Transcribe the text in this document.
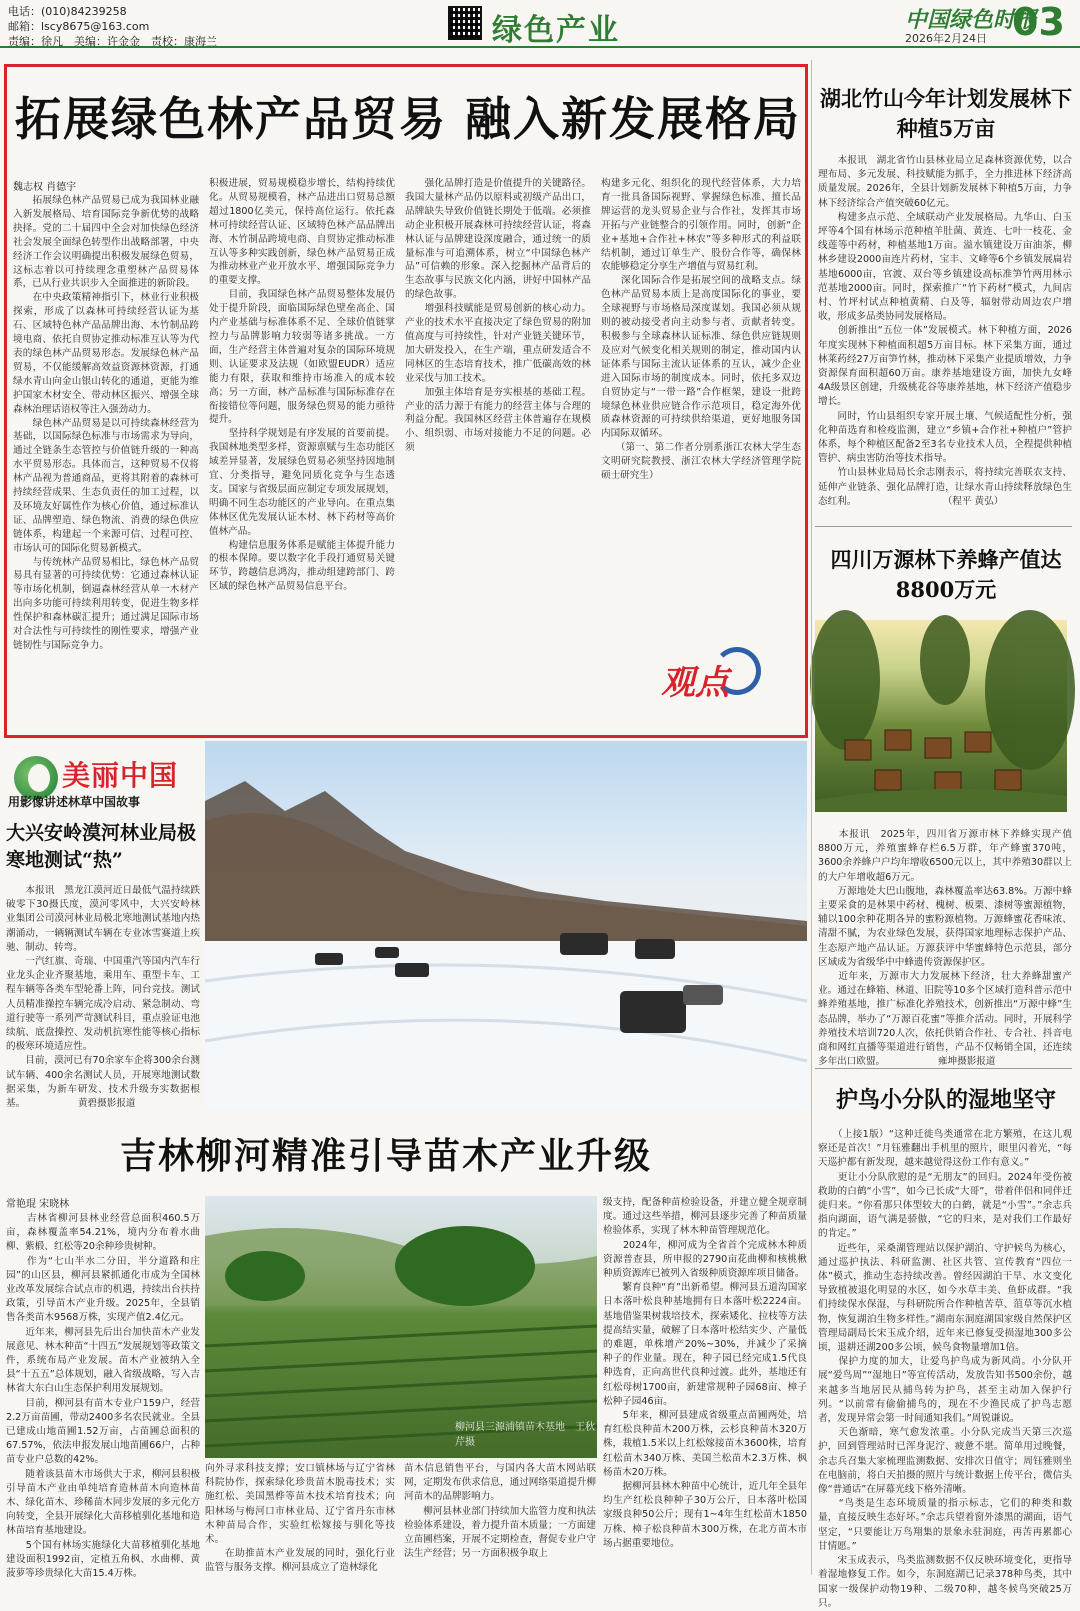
电话：(010)84239258
邮箱：lscy8675@163.com
责编：徐凡　美编：许金金　责校：康海兰	绿色产业	中国绿色时报
2026年2月24日 03
拓展绿色林产品贸易 融入新发展格局
魏志权 肖德宇
　　拓展绿色林产品贸易已成为我国林业融入新发展格局、培育国际竞争新优势的战略抉择。党的二十届四中全会对加快绿色经济社会发展全面绿色转型作出战略部署，中央经济工作会议明确提出积极发展绿色贸易，这标志着以可持续理念重塑林产品贸易体系，已从行业共识步入全面推进的新阶段。
　　在中央政策精神指引下，林业行业积极探索，形成了以森林可持续经营认证为基石、区域特色林产品品牌出海、木竹制品跨境电商、依托自贸协定推动标准互认等为代表的绿色林产品贸易形态。发展绿色林产品贸易，不仅能缓解高效益资源林资源，打通绿水青山向金山银山转化的通道，更能为维护国家木材安全、带动林区振兴、增强全球森林治理话语权等注入强劲动力。
　　绿色林产品贸易是以可持续森林经营为基础，以国际绿色标准与市场需求为导向，通过全链条生态管控与价值链升级的一种高水平贸易形态。具体而言，这种贸易不仅将林产品视为普通商品，更将其附着的森林可持续经营成果、生态负责任的加工过程，以及环境友好属性作为核心价值，通过标准认证、品牌塑造、绿色物流、消费的绿色供应链体系，构建起一个来源可信、过程可控、市场认可的国际化贸易新模式。
　　与传统林产品贸易相比，绿色林产品贸易具有显著的可持续优势：它通过森林认证等市场化机制，倒逼森林经营从单一木材产出向多功能可持续利用转变，促进生物多样性保护和森林碳汇提升；通过满足国际市场对合法性与可持续性的刚性要求，增强产业链韧性与国际竞争力。
积极进展，贸易规模稳步增长，结构持续优化。从贸易规模看，林产品进出口贸易总额超过1800亿美元，保持高位运行。依托森林可持续经营认证、区域特色林产品品牌出海、木竹制品跨境电商、自贸协定推动标准互认等多种实践创新，绿色林产品贸易正成为推动林业产业开放水平、增强国际竞争力的重要支撑。
　　目前，我国绿色林产品贸易整体发展仍处于提升阶段，面临国际绿色壁垒高企、国内产业基础与标准体系不足、全球价值链掌控力与品牌影响力较弱等诸多挑战。一方面，生产经营主体普遍对复杂的国际环境规则、认证要求及法规（如欧盟EUDR）适应能力有限，获取和维持市场准入的成本较高；另一方面，林产品标准与国际标准存在衔接错位等问题，服务绿色贸易的能力亟待提升。
　　坚持科学规划是有序发展的首要前提。我国林地类型多样，资源禀赋与生态功能区域差异显著，发展绿色贸易必须坚持因地制宜、分类指导，避免同质化竞争与生态透支。国家与省级层面应制定专项发展规划，明确不同生态功能区的产业导向。在重点集体林区优先发展认证木材、林下药材等高价值林产品。
　　构建信息服务体系是赋能主体提升能力的根本保障。要以数字化手段打通贸易关键环节，跨越信息鸿沟，推动组建跨部门、跨区域的绿色林产品贸易信息平台。
　　强化品牌打造是价值提升的关键路径。我国大量林产品仍以原料或初级产品出口，品牌缺失导致价值链长期处于低端。必须推动企业积极开展森林可持续经营认证，将森林认证与品牌建设深度融合，通过统一的质量标准与可追溯体系，树立“中国绿色林产品”可信赖的形象。深入挖掘林产品背后的生态故事与民族文化内涵，讲好中国林产品的绿色故事。
　　增强科技赋能是贸易创新的核心动力。产业的技术水平直接决定了绿色贸易的附加值高度与可持续性，针对产业链关键环节，加大研发投入，在生产端，重点研发适合不同林区的生态培育技术，推广低碳高效的林业采伐与加工技术。
　　加强主体培育是夯实根基的基础工程。产业的活力源于有能力的经营主体与合理的利益分配。我国林区经营主体普遍存在规模小、组织弱、市场对接能力不足的问题。必须
构建多元化、组织化的现代经营体系，大力培育一批具备国际视野、掌握绿色标准、擅长品牌运营的龙头贸易企业与合作社，发挥其市场开拓与产业链整合的引领作用。同时，创新“企业+基地+合作社+林农”等多种形式的利益联结机制，通过订单生产、股份合作等，确保林农能够稳定分享生产增值与贸易红利。
　　深化国际合作是拓展空间的战略支点。绿色林产品贸易本质上是高度国际化的事业，要全球视野与市场格局深度谋划。我国必须从规则的被动接受者向主动参与者、贡献者转变。积极参与全球森林认证标准、绿色供应链规则及应对气候变化相关规则的制定，推动国内认证体系与国际主流认证体系的互认，减少企业进入国际市场的制度成本。同时，依托多双边自贸协定与“一带一路”合作框架，建设一批跨境绿色林业供应链合作示范项目，稳定海外优质森林资源的可持续供给渠道，更好地服务国内国际双循环。
　　（第一、第二作者分别系浙江农林大学生态文明研究院教授、浙江农林大学经济管理学院硕士研究生）
观点
湖北竹山今年计划发展林下种植5万亩
　　本报讯　湖北省竹山县林业局立足森林资源优势，以合理布局、多元发展、科技赋能为抓手，全力推进林下经济高质量发展。2026年，全县计划新发展林下种植5万亩，力争林下经济综合产值突破60亿元。
　　构建多点示范、全域联动产业发展格局。九华山、白玉坪等4个国有林场示范种植羊肚菌、黄连、七叶一枝花、金线莲等中药材，种植基地1万亩。溢水镇建设万亩油茶，柳林乡建设2000亩连片药材，宝丰、文峰等6个乡镇发展扁岩基地6000亩，官渡、双台等乡镇建设高标准笋竹两用林示范基地2000亩。同时，探索推广“竹下药材”模式，九间店村、竹坪村试点种植黄精、白及等，辐射带动周边农户增收，形成多品类协同发展格局。
　　创新推出“五位一体”发展模式。林下种植方面，2026年度实现林下种植面积超5万亩目标。林下采集方面，通过林莱药经27万亩笋竹林，推动林下采集产业提质增效，力争资源保育面积超60万亩。康养基地建设方面，加快九女峰4A级景区创建，升级桃花谷等康养基地，林下经济产值稳步增长。
　　同时，竹山县组织专家开展土壤、气候适配性分析，强化种苗选育和检疫监测，建立“乡镇+合作社+种植户”管护体系，每个种植区配备2至3名专业技术人员，全程提供种植管护、病虫害防治等技术指导。
　　竹山县林业局局长余志刚表示，将持续完善联农支持、延伸产业链条、强化品牌打造，让绿水青山持续释放绿色生态红利。　　　　　　　　　　（程平 黄弘）
四川万源林下养蜂产值达8800万元
　　本报讯　2025年，四川省万源市林下养蜂实现产值8800万元，养殖蜜蜂存栏6.5万群，年产蜂蜜370吨，3600余养蜂户户均年增收6500元以上，其中养殖30群以上的大户年增收超6万元。
　　万源地处大巴山腹地，森林覆盖率达63.8%。万源中蜂主要采食的是林果中药材、槐树、板栗、漆树等蜜源植物，辅以100余种花期各异的蜜粉源植物。万源蜂蜜花香味浓、清甜不腻，为农业绿色发展，获得国家地理标志保护产品、生态原产地产品认证。万源获评中华蜜蜂特色示范县，部分区域成为省级华中中蜂遗传资源保护区。
　　近年来，万源市大力发展林下经济，壮大养蜂甜蜜产业。通过在蜂箱、林道、旧院等10多个区域打造科普示范中蜂养殖基地，推广标准化养殖技术，创新推出“万源中蜂”生态品牌，举办了“万源百花蜜”等推介活动。同时，开展科学养殖技术培训720人次，依托供销合作社、专合社、抖音电商和网红直播等渠道进行销售，产品不仅畅销全国，还连续多年出口欧盟。　　　　　　雍坤摄影报道
护鸟小分队的湿地坚守
　　（上接1版）“这种迁徙鸟类通常在北方繁殖，在这儿观察还是首次！”月钰雅翻出手机里的照片，眼里闪着光，“每天巡护都有新发现，越来越觉得这份工作有意义。”
　　更让小分队欣慰的是“无朋友”的回归。2024年受伤被救助的白鹤“小雪”，如今已长成“大哥”，带着伴侣和同伴迁徙归来。“你看那只体型较大的白鹤，就是“小雪”。”余志兵指向湖面，语气满是骄傲，“它的归来，是对我们工作最好的肯定。”
　　近些年，采桑湖管理站以保护湖泊、守护候鸟为核心，通过巡护执法、科研监测、社区共管、宣传教育“四位一体”模式，推动生态持续改善。曾经因湖泊干旱、水文变化导致植被退化明显的水区，如今水草丰美、鱼虾成群。“我们持续保水保湿，与科研院所合作种植苦草、菹草等沉水植物，恢复湖泊生物多样性。”湖南东洞庭湖国家级自然保护区管理局副局长宋玉成介绍，近年来已修复受损湿地300多公顷，退耕还湖200多公顷，候鸟食物量增加1倍。
　　保护力度的加大，让爱鸟护鸟成为新风尚。小分队开展“爱鸟周”“湿地日”等宣传活动，发放告知书500余份，越来越多当地居民从捕鸟转为护鸟，甚至主动加入保护行列。“以前常有偷偷捕鸟的，现在不少渔民成了护鸟志愿者，发现异常会第一时间通知我们。”周锐谦说。
　　天色渐暗，寒气愈发浓重。小分队完成当天第三次巡护，回到管理站时已浑身泥泞、疲惫不堪。简单用过晚餐，余志兵召集大家梳理监测数据、安排次日值守；周钰雅则坐在电脑前，将白天拍摄的照片与统计数据上传平台，微信头像“普通话”在屏幕光线下格外清晰。
　　“鸟类是生态环境质量的指示标志，它们的种类和数量，直接反映生态好坏。”余志兵望着窗外漆黑的湖面，语气坚定，“只要能让万鸟翔集的景象永驻洞庭，再苦再累都心甘情愿。”
　　宋玉成表示，鸟类监测数据不仅反映环境变化，更指导着湿地修复工作。如今，东洞庭湖已记录378种鸟类，其中国家一级保护动物19种、二级70种，越冬候鸟突破25万只。
美丽中国
用影像讲述林草中国故事
大兴安岭漠河林业局极寒地测试“热”
　　本报讯　黑龙江漠河近日最低气温持续跌破零下30摄氏度，漠河零风中，大兴安岭林业集团公司漠河林业局极北寒地测试基地内热潮涌动，一辆辆测试车辆在专业冰雪赛道上疾驰、制动、转弯。
　　一汽红旗、奇瑞、中国重汽等国内汽车行业龙头企业齐聚基地，乘用车、重型卡车、工程车辆等各类车型轮番上阵，同台竞技。测试人员精准操控车辆完成冷启动、紧急制动、弯道行驶等一系列严苛测试科目，重点验证电池续航、底盘操控、发动机抗寒性能等核心指标的极寒环境适应性。
　　目前，漠河已有70余家车企将300余台测试车辆、400余名测试人员，开展寒地测试数据采集，为新车研发、技术升级夯实数据根基。　　　　　　黄碧摄影报道
吉林柳河精准引导苗木产业升级
常艳琨 宋晓林
　　吉林省柳河县林业经营总面积460.5万亩，森林覆盖率54.21%，境内分布着水曲柳、紫椴、红松等20余种珍贵树种。
　　作为“七山半水二分田，半分道路和庄园”的山区县，柳河县紧抓通化市成为全国林业改革发展综合试点市的机遇，持续出台扶持政策，引导苗木产业升级。2025年，全县销售各类苗木9568万株，实现产值2.4亿元。
　　近年来，柳河县先后出台加快苗木产业发展意见、林木种苗“十四五”发展规划等政策文件，系统布局产业发展。苗木产业被纳入全县“十五五”总体规划，融入省级战略，写入吉林省大东白山生态保护利用发展规划。
　　目前，柳河县有苗木专业户159户，经营2.2万亩苗圃，带动2400多名农民就业。全县已建成山地苗圃1.52万亩，占苗圃总面积的67.57%，依法申报发展山地苗圃66户，占种苗专业户总数的42%。
　　随着该县苗木市场供大于求，柳河县积极引导苗木产业由单纯培育造林苗木向造林苗木、绿化苗木、珍稀苗木同步发展的多元化方向转变，全县开展绿化大苗移植驯化基地和造林苗培育基地建设。
　　5个国有林场实施绿化大苗移植驯化基地建设面积1992亩，定植五角枫、水曲柳、黄菠萝等珍贵绿化大苗15.4万株。
柳河县三源浦镇苗木基地　王秋芹摄
向外寻求科技支撑；安口镇林场与辽宁省林科院协作，探索绿化珍贵苗木脱毒技术；实施红松、美国黑桦等苗木技术培育技术；向阳林场与梅河口市林业局、辽宁省丹东市林木种苗局合作，实验红松嫁接与驯化等技术。
　　在助推苗木产业发展的同时，强化行业监管与服务支撑。柳河县成立了造林绿化
苗木信息销售平台，与国内各大苗木网站联网，定期发布供求信息，通过网络渠道提升柳河苗木的品牌影响力。
　　柳河县林业部门持续加大监管力度和执法检验体系建设，着力提升苗木质量；一方面建立苗圃档案，开展不定期检查，督促专业户守法生产经营；另一方面积极争取上
级支持，配备种苗检验设备，并建立健全规章制度。通过这些举措，柳河县逐步完善了种苗质量检验体系，实现了林木种苗管理规范化。
　　2024年，柳河成为全省首个完成林木种质资源普查县，所申报的2790亩花曲柳和核桃楸种质资源库已被列入省级种质资源库项目储备。
　　繁育良种“育”出新希望。柳河县五道沟国家日本落叶松良种基地拥有日本落叶松2224亩。基地借鉴果树栽培技术，探索矮化、拉枝等方法提高结实量，破解了日本落叶松结实少、产量低的难题，单株增产20%~30%，并减少了采摘种子的作业量。现在，种子园已经完成1.5代良种选育，正向高世代良种过渡。此外，基地还有红松母树1700亩，新建常规种子园68亩、樟子松种子园46亩。
　　5年来，柳河县建成省级重点苗圃两处，培育红松良种苗木200万株，云杉良种苗木320万株，栽植1.5米以上红松嫁接苗木3600株，培育红松苗木340万株、美国兰松苗木2.3万株、枫杨苗木20万株。
　　据柳河县林木种苗中心统计，近几年全县年均生产红松良种种子30万公斤，日本落叶松国家级良种50公斤；现有1~4年生红松苗木1850万株、樟子松良种苗木300万株，在北方苗木市场占据重要地位。
